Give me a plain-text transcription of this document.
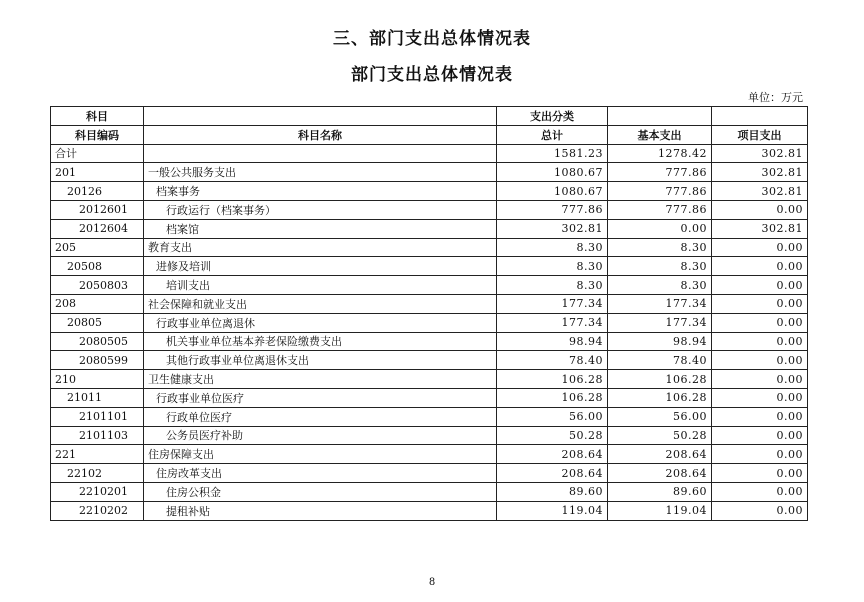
三、部门支出总体情况表
部门支出总体情况表
单位：万元
科目		支出分类		
科目编码	科目名称	总计	基本支出	项目支出
合计		1581.23	1278.42	302.81
201	一般公共服务支出	1080.67	777.86	302.81
20126	档案事务	1080.67	777.86	302.81
2012601	行政运行（档案事务）	777.86	777.86	0.00
2012604	档案馆	302.81	0.00	302.81
205	教育支出	8.30	8.30	0.00
20508	进修及培训	8.30	8.30	0.00
2050803	培训支出	8.30	8.30	0.00
208	社会保障和就业支出	177.34	177.34	0.00
20805	行政事业单位离退休	177.34	177.34	0.00
2080505	机关事业单位基本养老保险缴费支出	98.94	98.94	0.00
2080599	其他行政事业单位离退休支出	78.40	78.40	0.00
210	卫生健康支出	106.28	106.28	0.00
21011	行政事业单位医疗	106.28	106.28	0.00
2101101	行政单位医疗	56.00	56.00	0.00
2101103	公务员医疗补助	50.28	50.28	0.00
221	住房保障支出	208.64	208.64	0.00
22102	住房改革支出	208.64	208.64	0.00
2210201	住房公积金	89.60	89.60	0.00
2210202	提租补贴	119.04	119.04	0.00
8
